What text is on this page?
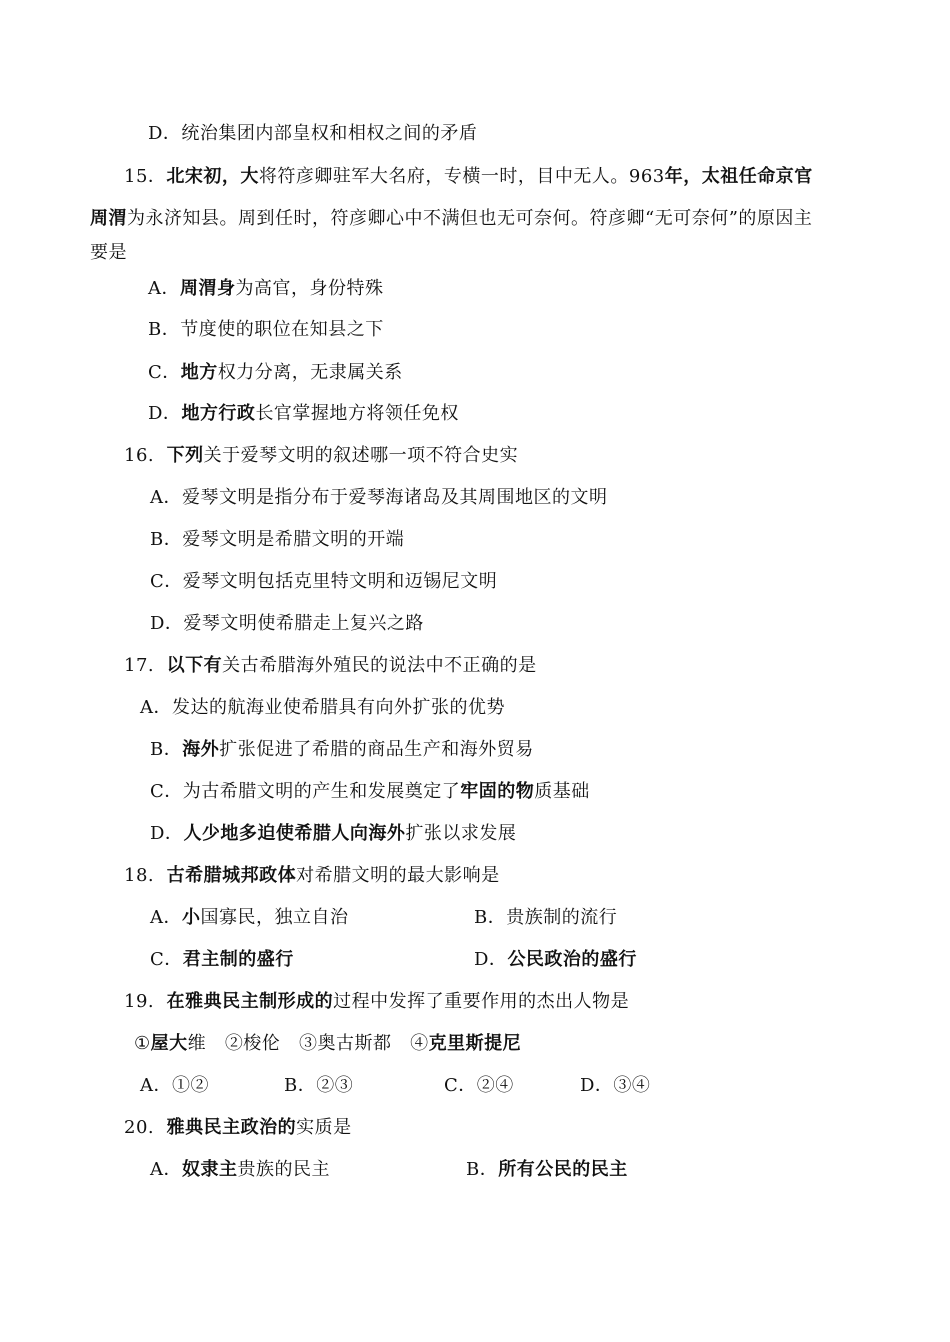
D．统治集团内部皇权和相权之间的矛盾
15．北宋初，大将符彦卿驻军大名府，专横一时，目中无人。963年，太祖任命京官
周渭为永济知县。周到任时，符彦卿心中不满但也无可奈何。符彦卿“无可奈何”的原因主
要是
A．周渭身为高官，身份特殊
B．节度使的职位在知县之下
C．地方权力分离，无隶属关系
D．地方行政长官掌握地方将领任免权
16. 下列关于爱琴文明的叙述哪一项不符合史实
A．爱琴文明是指分布于爱琴海诸岛及其周围地区的文明
B．爱琴文明是希腊文明的开端
C．爱琴文明包括克里特文明和迈锡尼文明
D．爱琴文明使希腊走上复兴之路
17. 以下有关古希腊海外殖民的说法中不正确的是
A．发达的航海业使希腊具有向外扩张的优势
B．海外扩张促进了希腊的商品生产和海外贸易
C．为古希腊文明的产生和发展奠定了牢固的物质基础
D．人少地多迫使希腊人向海外扩张以求发展
18. 古希腊城邦政体对希腊文明的最大影响是
A．小国寡民，独立自治	B．贵族制的流行
C．君主制的盛行	D．公民政治的盛行
19. 在雅典民主制形成的过程中发挥了重要作用的杰出人物是
①屋大维 ②梭伦 ③奥古斯都 ④克里斯提尼
A．①②	B．②③	C．②④	D．③④
20. 雅典民主政治的实质是
A．奴隶主贵族的民主	B．所有公民的民主
